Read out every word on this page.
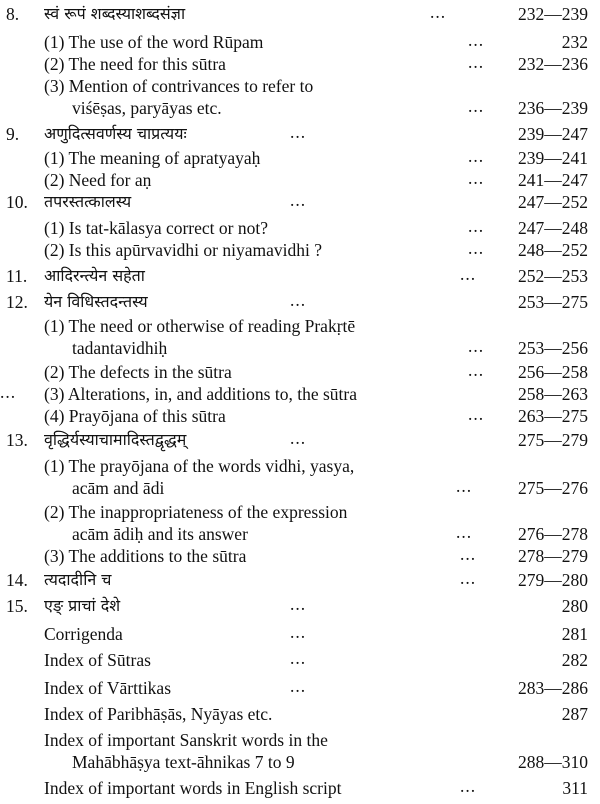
8. स्वं रूपं शब्दस्याशब्दसंज्ञा	...	232—239
(1) The use of the word Rūpam	...	232
(2) The need for this sūtra	... 232—236
(3) Mention of contrivances to refer to
viśēṣas, paryāyas etc.	... 236—239
9. अणुदित्सवर्णस्य चाप्रत्ययः	...	239—247
(1) The meaning of apratyayaḥ	... 239—241
(2) Need for aṇ	... 241—247
10. तपरस्तत्कालस्य	...	247—252
(1) Is tat-kālasya correct or not?	... 247—248
(2) Is this apūrvavidhi or niyamavidhi ?	... 248—252
11. आदिरन्त्येन सहेता	... 252—253
12. येन विधिस्तदन्तस्य	...	253—275
(1) The need or otherwise of reading Prakṛtē
tadantavidhiḥ	... 253—256
(2) The defects in the sūtra	... 256—258
(3) Alterations, in, and additions to, the sūtra
...	258—263
(4) Prayōjana of this sūtra	... 263—275
13. वृद्धिर्यस्याचामादिस्तद्वृद्धम्	...	275—279
(1) The prayōjana of the words vidhi, yasya,
acām and ādi	...	275—276
(2) The inappropriateness of the expression
acām ādiḥ and its answer	...	276—278
(3) The additions to the sūtra	... 278—279
14. त्यदादीनि च	... 279—280
15. एङ् प्राचां देशे	...	280
Corrigenda	...	281
Index of Sūtras	...	282
Index of Vārttikas	...	283—286
Index of Paribhāṣās, Nyāyas etc.	287
Index of important Sanskrit words in the
Mahābhāṣya text-āhnikas 7 to 9	288—310
Index of important words in English script	...	311
